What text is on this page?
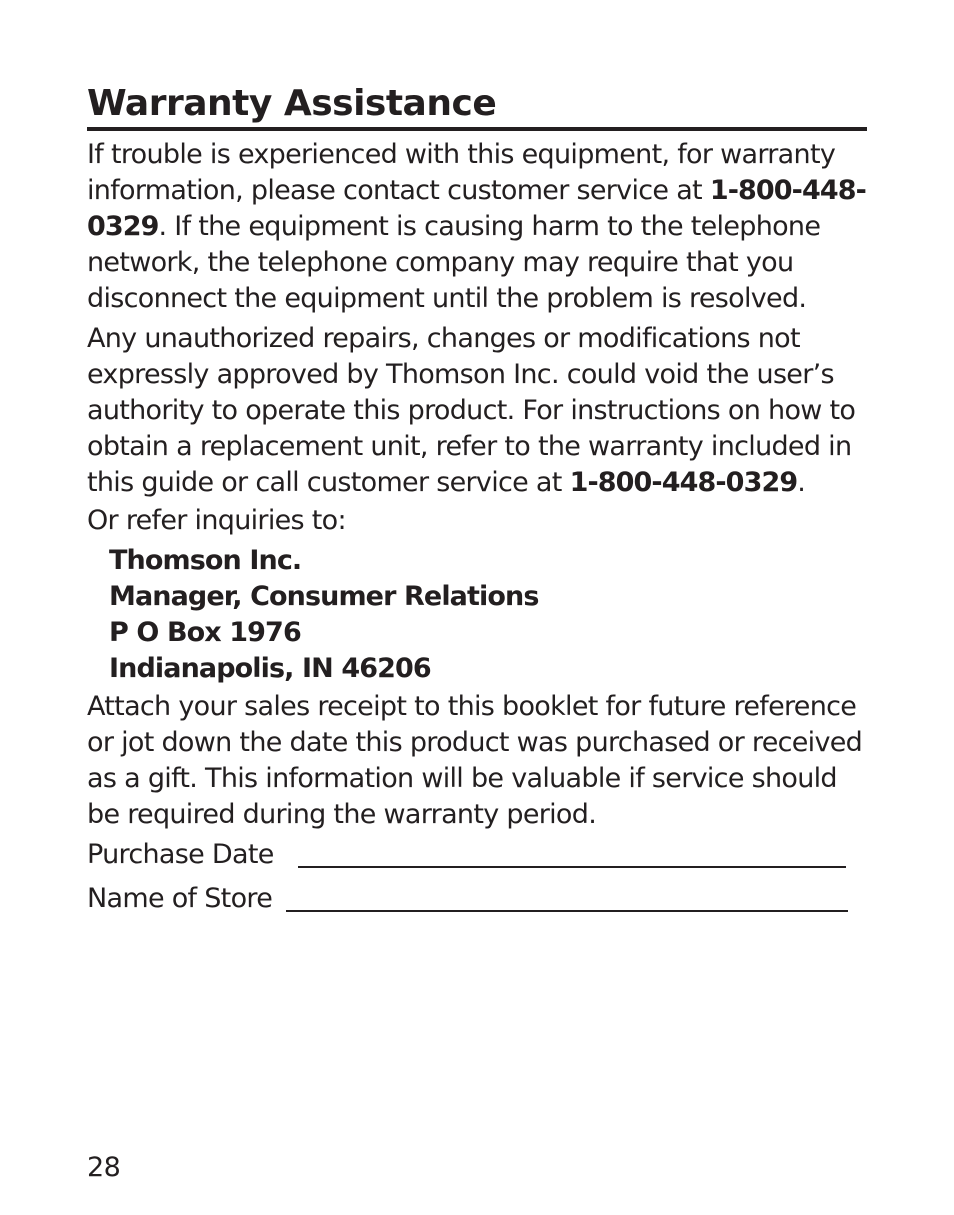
Warranty Assistance

If trouble is experienced with this equipment, for warranty information, please contact customer service at 1-800-448-0329. If the equipment is causing harm to the telephone network, the telephone company may require that you disconnect the equipment until the problem is resolved.

Any unauthorized repairs, changes or modifications not expressly approved by Thomson Inc. could void the user’s authority to operate this product. For instructions on how to obtain a replacement unit, refer to the warranty included in this guide or call customer service at 1-800-448-0329.

Or refer inquiries to:

Thomson Inc.
Manager, Consumer Relations
P O Box 1976
Indianapolis, IN 46206

Attach your sales receipt to this booklet for future reference or jot down the date this product was purchased or received as a gift. This information will be valuable if service should be required during the warranty period.

Purchase Date
Name of Store
28
